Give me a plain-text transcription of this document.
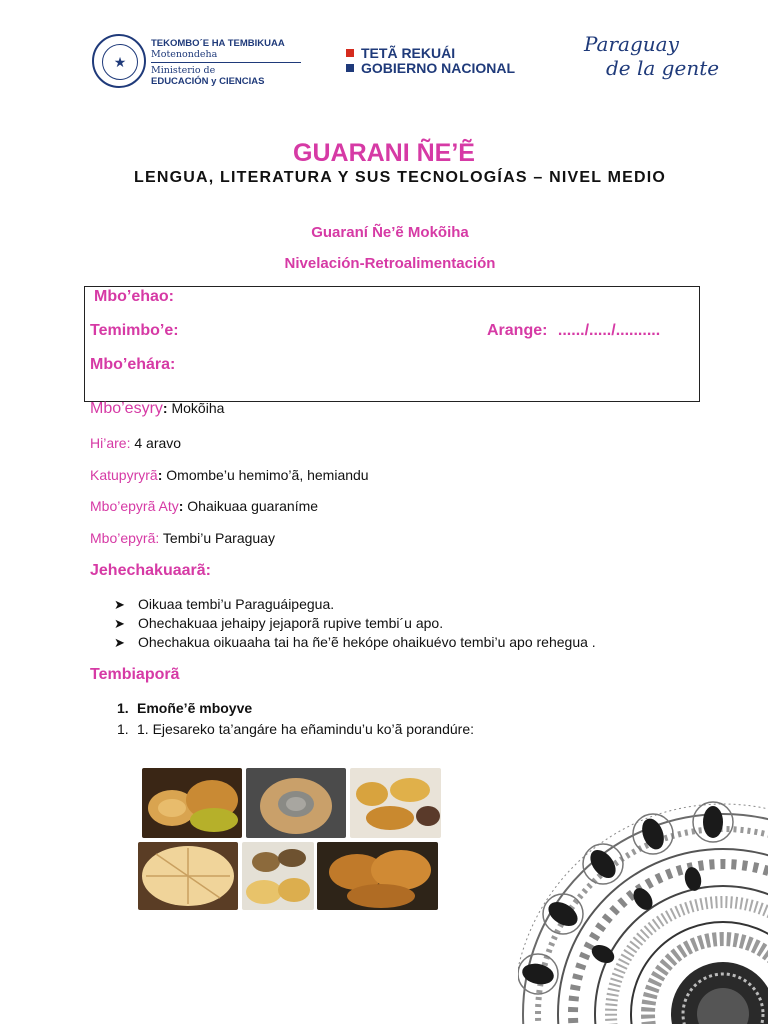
★
TEKOMBO´E HA TEMBIKUAA
Motenondeha
Ministerio de
EDUCACIÓN y CIENCIAS
TETÃ REKUÁI
GOBIERNO NACIONAL
Paraguay
de la gente
GUARANI ÑE’Ẽ
LENGUA, LITERATURA Y SUS TECNOLOGÍAS – NIVEL MEDIO
Guaraní Ñe’ẽ Mokõiha
Nivelación-Retroalimentación
Mbo’ehao:
Temimbo’e:	Arange: ....../...../..........
Mbo’ehára:
Mbo’esyry: Mokõiha
Hi’are: 4 aravo
Katupyryrã: Omombe’u hemimo’ã, hemiandu
Mbo’epyrã Aty: Ohaikuaa guaraníme
Mbo’epyrã: Tembi’u Paraguay
Jehechakuaarã:
➤ Oikuaa tembi’u Paraguáipegua.
➤ Ohechakuaa jehaipy jejaporã rupive tembi´u apo.
➤ Ohechakua oikuaaha tai ha ñe’ẽ hekópe ohaikuévo tembi’u apo rehegua .
Tembiaporã
1. Emoñe’ẽ mboyve
1. 1. Ejesareko ta’angáre ha eñamindu’u ko’ã porandúre:
